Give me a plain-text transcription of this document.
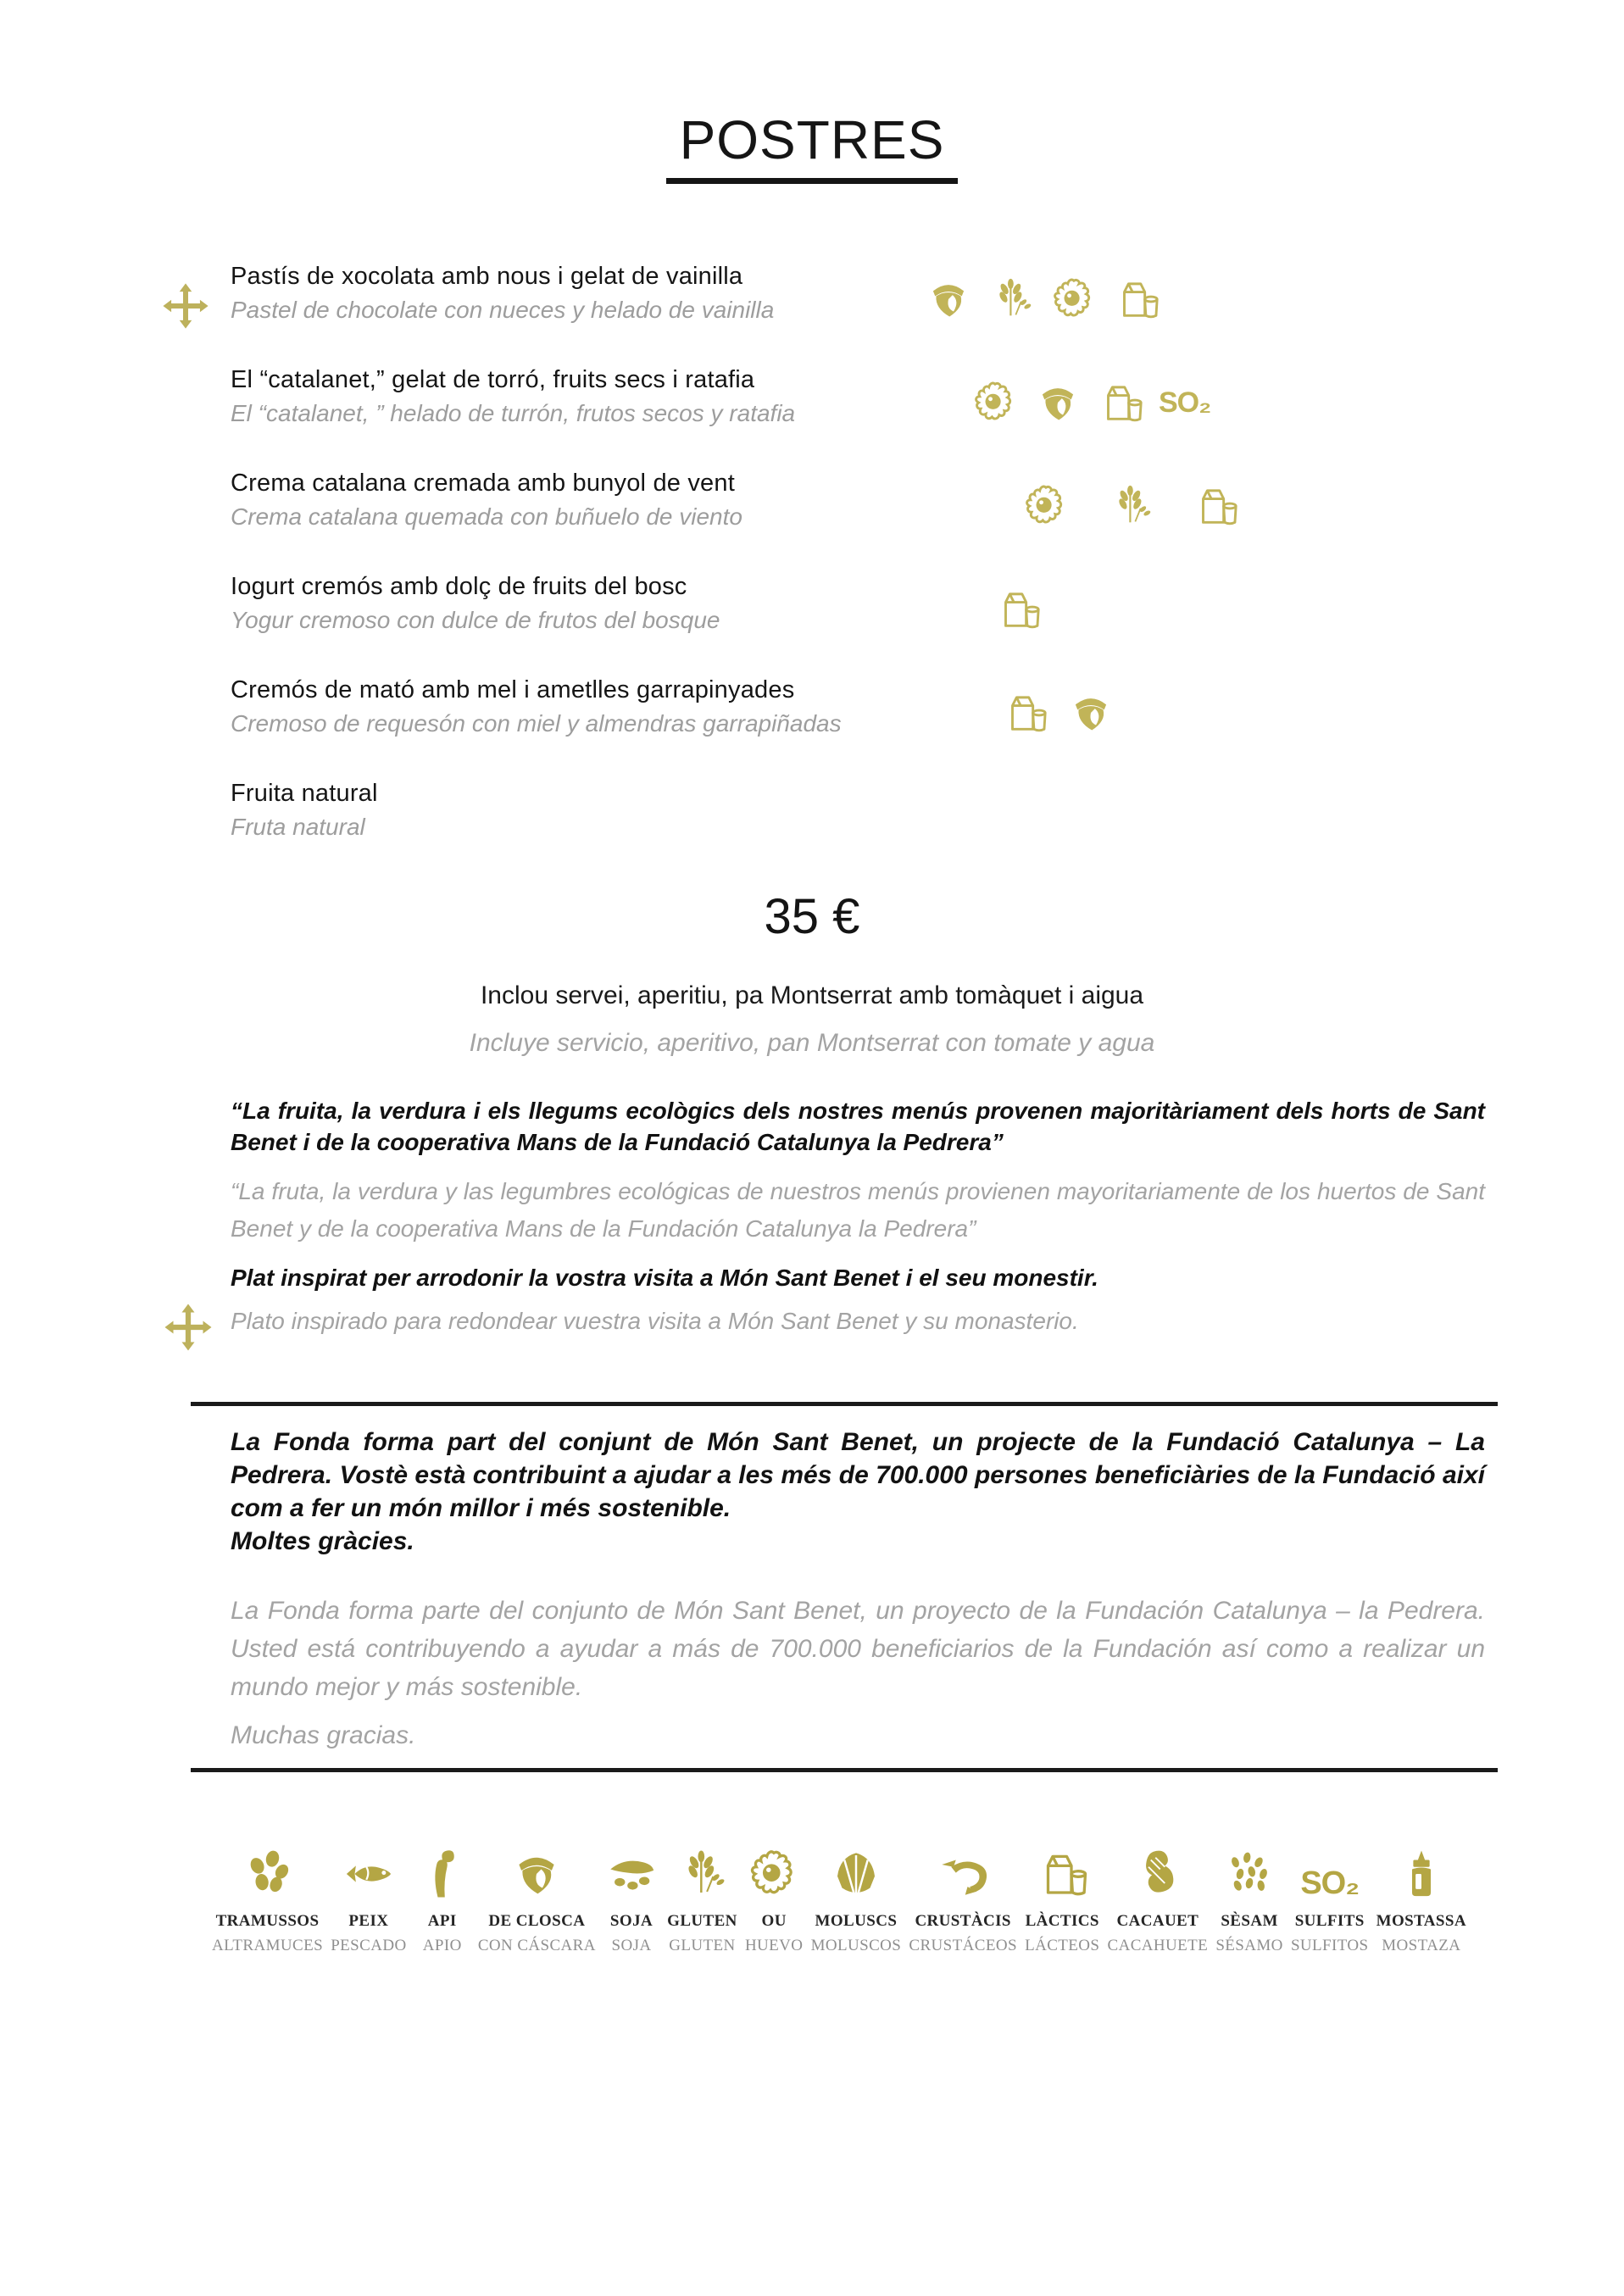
POSTRES
Pastís de xocolata amb nous i gelat de vainilla
Pastel de chocolate con nueces y helado de vainilla
El “catalanet,” gelat de torró, fruits secs i ratafia
El “catalanet, ” helado de turrón, frutos secos y ratafia	SO₂
Crema catalana cremada amb bunyol de vent
Crema catalana quemada con buñuelo de viento
Iogurt cremós amb dolç de fruits del bosc
Yogur cremoso con dulce de frutos del bosque
Cremós de mató amb mel i ametlles garrapinyades
Cremoso de requesón con miel y almendras garrapiñadas
Fruita natural
Fruta natural
35 €
Inclou servei, aperitiu, pa Montserrat amb tomàquet i aigua
Incluye servicio, aperitivo, pan Montserrat con tomate y agua
“La fruita, la verdura i els llegums ecològics dels nostres menús provenen majoritàriament dels horts de Sant Benet i de la cooperativa Mans de la Fundació Catalunya la Pedrera”
“La fruta, la verdura y las legumbres ecológicas de nuestros menús provienen mayoritariamente de los huertos de Sant Benet y de la cooperativa Mans de la Fundación Catalunya la Pedrera”
Plat inspirat per arrodonir la vostra visita a Món Sant Benet i el seu monestir.
Plato inspirado para redondear vuestra visita a Món Sant Benet y su monasterio.
La Fonda forma part del conjunt de Món Sant Benet, un projecte de la Fundació Catalunya – La Pedrera. Vostè està contribuint a ajudar a les més de 700.000 persones beneficiàries de la Fundació així com a fer un món millor i més sostenible.
Moltes gràcies.
La Fonda forma parte del conjunto de Món Sant Benet, un proyecto de la Fundación Catalunya – la Pedrera. Usted está contribuyendo a ayudar a más de 700.000 beneficiarios de la Fundación así como a realizar un mundo mejor y más sostenible.
Muchas gracias.
TRAMUSSOS
ALTRAMUCES
PEIX
PESCADO
API
APIO
DE CLOSCA
CON CÁSCARA
SOJA
SOJA
GLUTEN
GLUTEN
OU
HUEVO
MOLUSCS
MOLUSCOS
CRUSTÀCIS
CRUSTÁCEOS
LÀCTICS
LÁCTEOS
CACAUET
CACAHUETE
SÈSAM
SÉSAMO
SO₂
SULFITS
SULFITOS
MOSTASSA
MOSTAZA
